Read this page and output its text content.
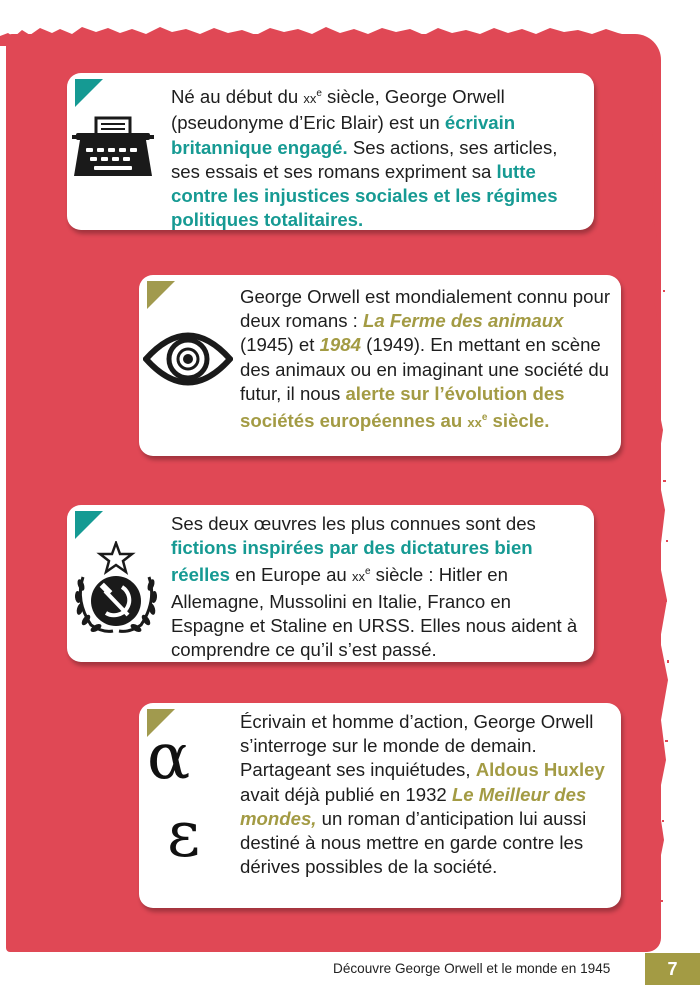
Né au début du $xx^e$ siècle, George Orwell (pseudonyme d’Eric Blair) est un écrivain britannique engagé. Ses actions, ses articles, ses essais et ses romans expriment sa lutte contre les injustices sociales et les régimes politiques totalitaires.
George Orwell est mondialement connu pour deux romans : La Ferme des animaux (1945) et 1984 (1949). En mettant en scène des animaux ou en imaginant une société du futur, il nous alerte sur l’évolution des sociétés européennes au $xx^e$ siècle.
Ses deux œuvres les plus connues sont des fictions inspirées par des dictatures bien réelles en Europe au $xx^e$ siècle : Hitler en Allemagne, Mussolini en Italie, Franco en Espagne et Staline en URSS. Elles nous aident à comprendre ce qu’il s’est passé.
α
ε
Écrivain et homme d’action, George Orwell s’interroge sur le monde de demain. Partageant ses inquiétudes, Aldous Huxley avait déjà publié en 1932 Le Meilleur des mondes, un roman d’anticipation lui aussi destiné à nous mettre en garde contre les dérives possibles de la société.
Découvre George Orwell et le monde en 1945	7
